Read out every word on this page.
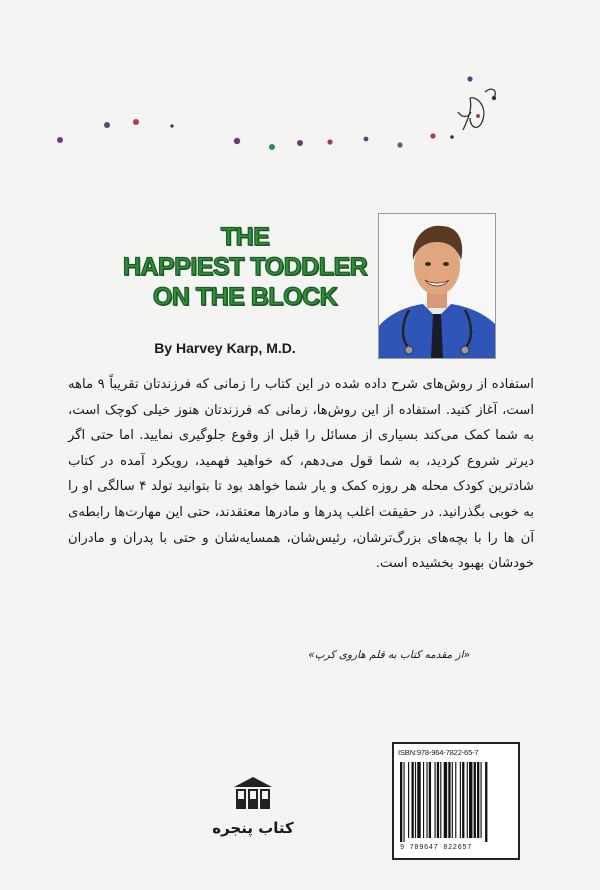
THE
HAPPIEST TODDLER
ON THE BLOCK
By Harvey Karp, M.D.

استفاده از روش‌های شرح داده شده در این کتاب را زمانی که فرزندتان تقریباً ۹ ماهه است، آغاز کنید. استفاده از این روش‌ها، زمانی که فرزندتان هنوز خیلی کوچک است، به شما کمک می‌کند بسیاری از مسائل را قبل از وقوع جلوگیری نمایید. اما حتی اگر دیرتر شروع کردید، به شما قول می‌دهم، که خواهید فهمید، رویکرد آمده در کتاب شادترین کودک محله هر روزه کمک و یار شما خواهد بود تا بتوانید تولد ۴ سالگی او را به خوبی بگذرانید. در حقیقت اغلب پدرها و مادرها معتقدند، حتی این مهارت‌ها رابطه‌ی آن ها را با بچه‌های بزرگ‌ترشان، رئیس‌شان، همسایه‌شان و حتی با پدران و مادران خودشان بهبود بخشیده است.

«از مقدمه کتاب به قلم هاروی کرپ»
کتاب پنجره
ISBN:978-964-7822-65-7
9 789647 822657
